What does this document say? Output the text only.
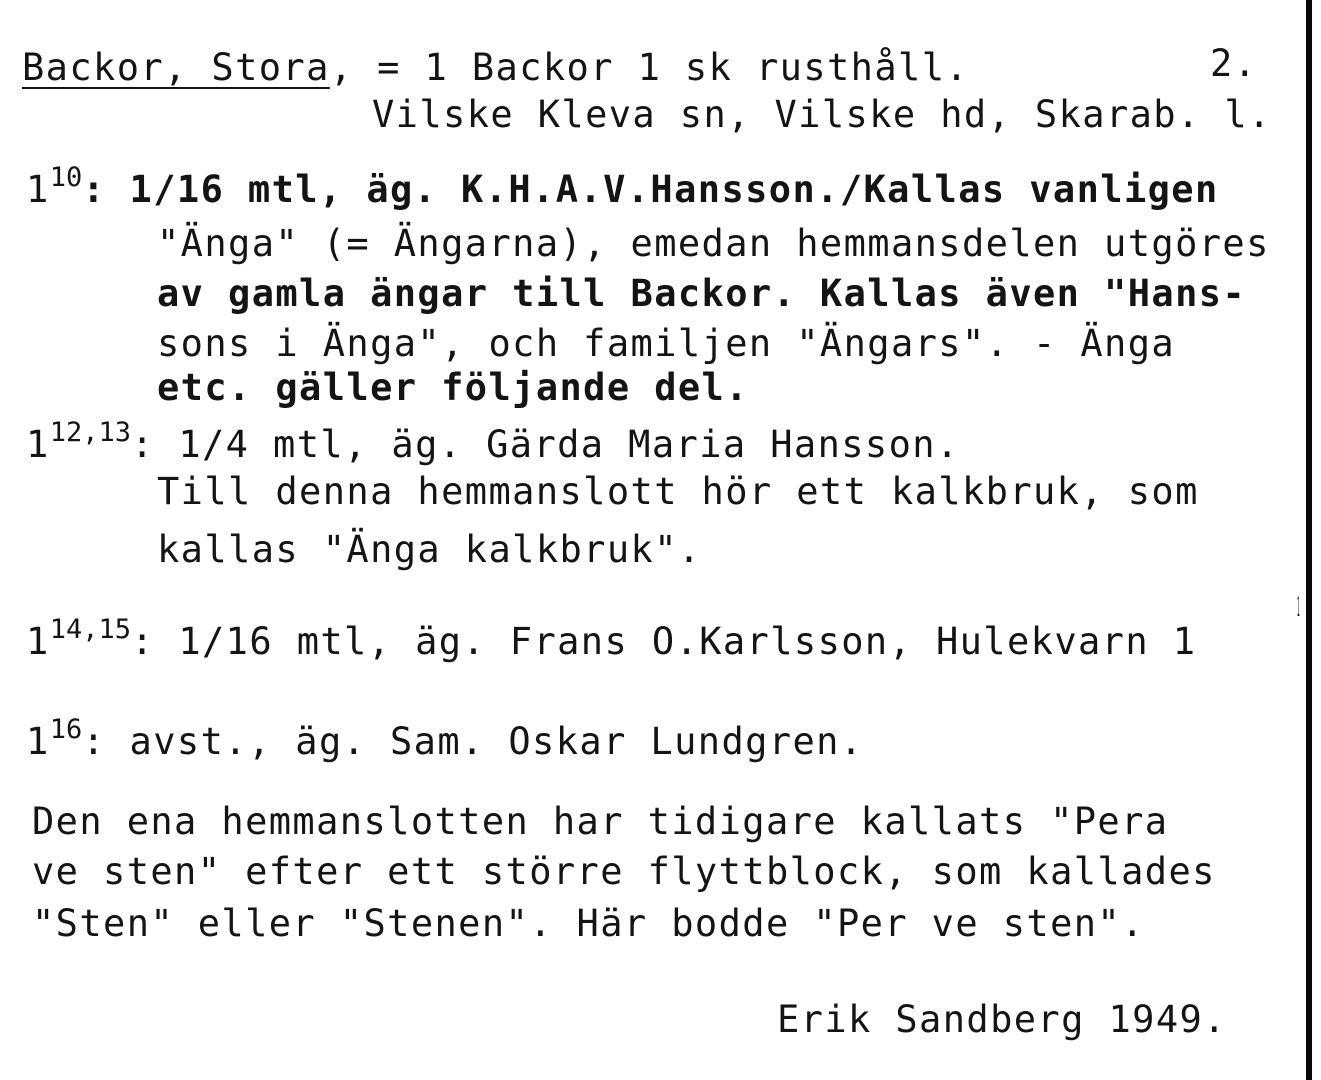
Backor, Stora, = 1 Backor 1 sk rusthåll.	2.
Vilske Kleva sn, Vilske hd, Skarab. l.
$1^{10}$: 1/16 mtl, äg. K.H.A.V.Hansson./Kallas vanligen
"Änga" (= Ängarna), emedan hemmansdelen utgöres
av gamla ängar till Backor. Kallas även "Hans-
sons i Änga", och familjen "Ängars". - Änga
etc. gäller följande del.
1$^{12,13}$: 1/4 mtl, äg. Gärda Maria Hansson.
Till denna hemmanslott hör ett kalkbruk, som
kallas "Änga kalkbruk".
1$^{14,15}$: 1/16 mtl, äg. Frans O.Karlsson, Hulekvarn 1
1
$1^{16}$: avst., äg. Sam. Oskar Lundgren.
Den ena hemmanslotten har tidigare kallats "Pera
ve sten" efter ett större flyttblock, som kallades
"Sten" eller "Stenen". Här bodde "Per ve sten".
Erik Sandberg 1949.
